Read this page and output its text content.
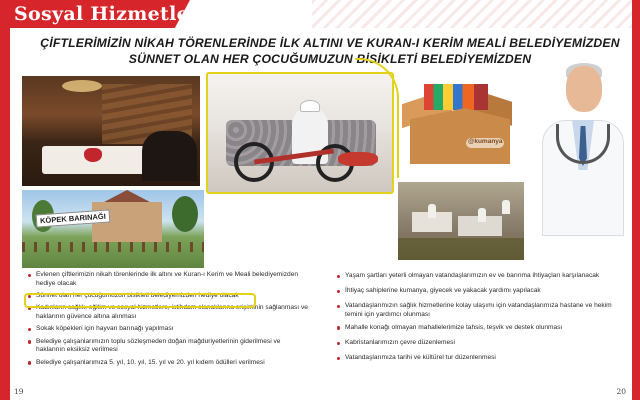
Sosyal Hizmetler
ÇİFTLERİMİZİN NİKAH TÖRENLERİNDE İLK ALTINI VE KURAN-I KERİM MEALİ BELEDİYEMİZDEN
SÜNNET OLAN HER ÇOCUĞUMUZUN BİSİKLETİ BELEDİYEMİZDEN
@kumanya
KÖPEK BARINAĞI
Evlenen çiftlerimizin nikah törenlerinde ilk altını ve Kuran-ı Kerim ve Meali belediyemizden hediye olacak
Sünnet olan her çocuğumuzun bisikleti belediyemizden hediye olacak
Kadınların sağlık, eğitim ve sosyal hizmetlere, istihdam olanaklarına erişiminin sağlanması ve haklarının güvence altına alınması
Sokak köpekleri için hayvan barınağı yapılması
Belediye çalışanlarımızın toplu sözleşmeden doğan mağduriyetlerinin giderilmesi ve haklarının eksiksiz verilmesi
Belediye çalışanlarımıza 5. yıl, 10. yıl, 15. yıl ve 20. yıl kıdem ödülleri verilmesi
Yaşam şartları yeterli olmayan vatandaşlarımızın ev ve barınma ihtiyaçları karşılanacak
İhtiyaç sahiplerine kumanya, giyecek ve yakacak yardımı yapılacak
Vatandaşlarımızın sağlık hizmetlerine kolay ulaşımı için vatandaşlarımıza hastane ve hekim temini için yardımcı olunması
Mahalle konağı olmayan mahallelerimize tahsis, teşvik ve destek olunması
Kabristanlarımızın çevre düzenlemesi
Vatandaşlarımıza tarihi ve kültürel tur düzenlenmesi
19	20
